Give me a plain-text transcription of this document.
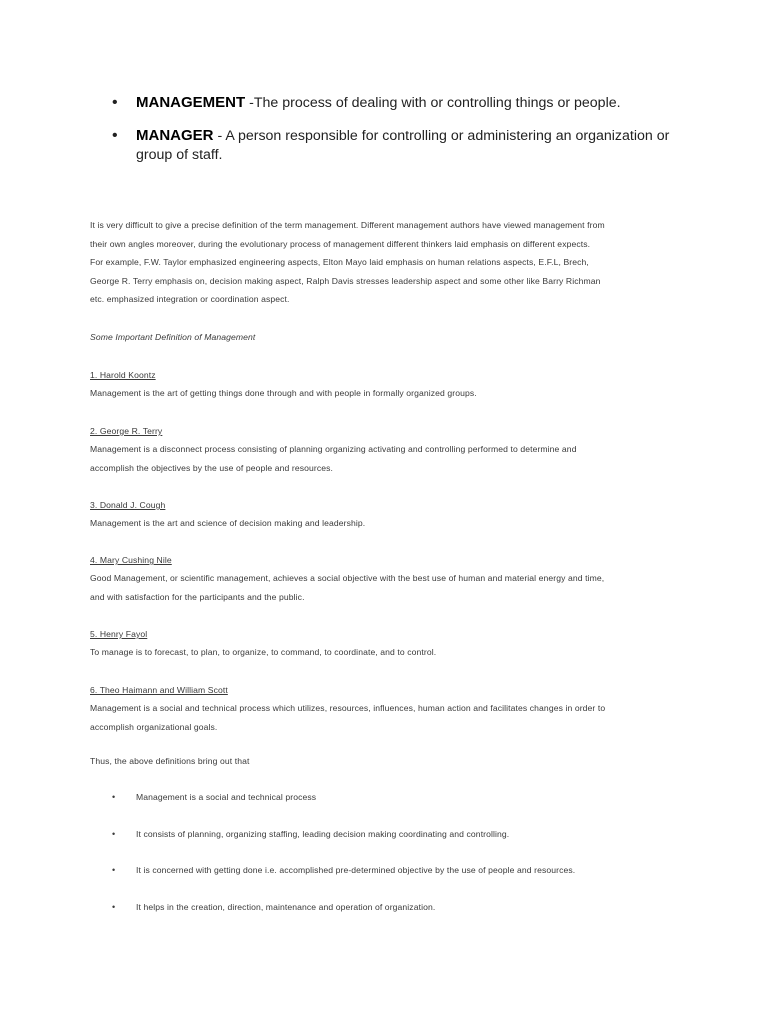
• MANAGEMENT -The process of dealing with or controlling things or people.
• MANAGER - A person responsible for controlling or administering an organization or group of staff.

It is very difficult to give a precise definition of the term management. Different management authors have viewed management from
their own angles moreover, during the evolutionary process of management different thinkers laid emphasis on different expects.
For example, F.W. Taylor emphasized engineering aspects, Elton Mayo laid emphasis on human relations aspects, E.F.L, Brech,
George R. Terry emphasis on, decision making aspect, Ralph Davis stresses leadership aspect and some other like Barry Richman
etc. emphasized integration or coordination aspect.

Some Important Definition of Management

1. Harold Koontz
Management is the art of getting things done through and with people in formally organized groups.
2. George R. Terry
Management is a disconnect process consisting of planning organizing activating and controlling performed to determine and
accomplish the objectives by the use of people and resources.
3. Donald J. Cough
Management is the art and science of decision making and leadership.
4. Mary Cushing Nile
Good Management, or scientific management, achieves a social objective with the best use of human and material energy and time,
and with satisfaction for the participants and the public.
5. Henry Fayol
To manage is to forecast, to plan, to organize, to command, to coordinate, and to control.
6. Theo Haimann and William Scott
Management is a social and technical process which utilizes, resources, influences, human action and facilitates changes in order to
accomplish organizational goals.

Thus, the above definitions bring out that

• Management is a social and technical process
• It consists of planning, organizing staffing, leading decision making coordinating and controlling.
• It is concerned with getting done i.e. accomplished pre-determined objective by the use of people and resources.
• It helps in the creation, direction, maintenance and operation of organization.
